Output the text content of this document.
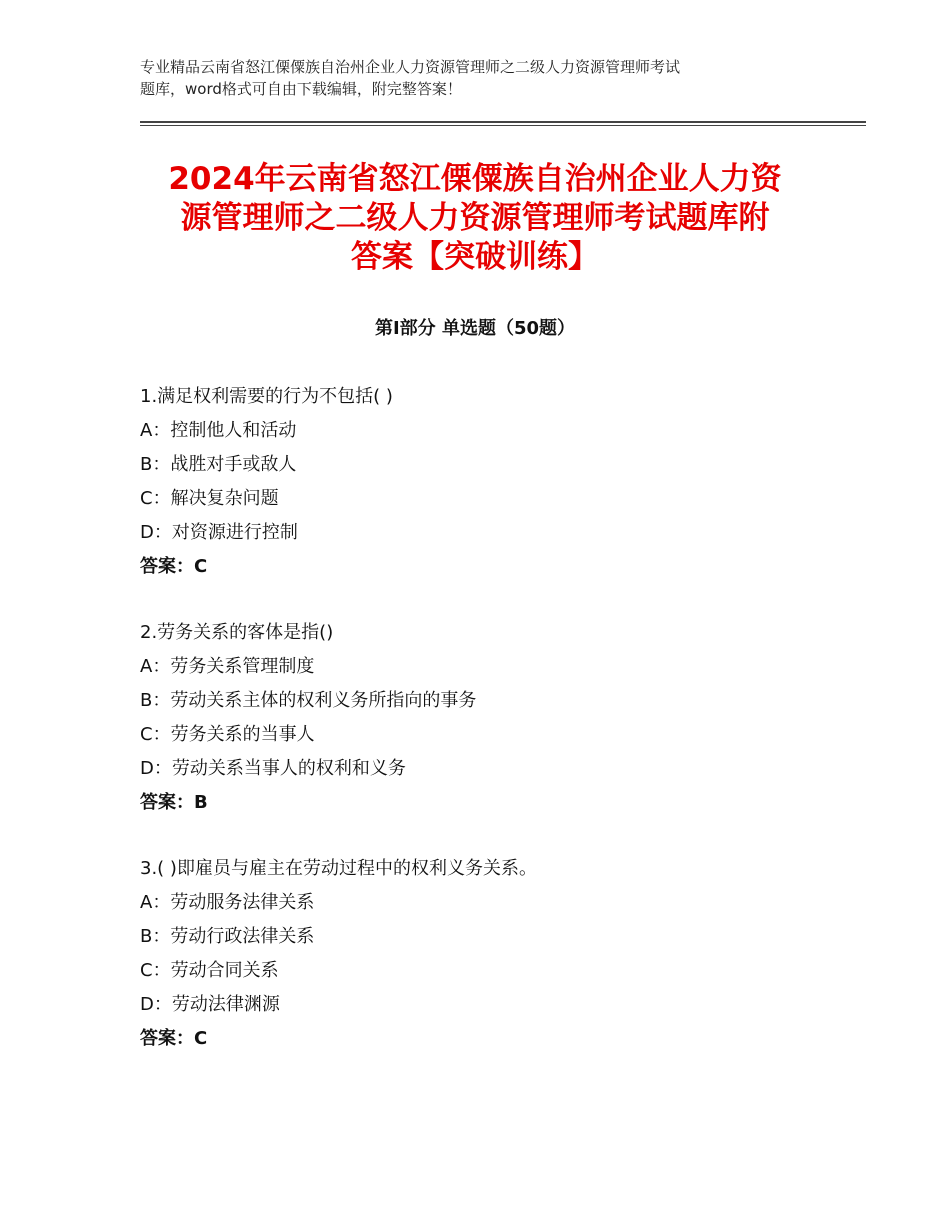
专业精品云南省怒江傈僳族自治州企业人力资源管理师之二级人力资源管理师考试
题库，word格式可自由下载编辑，附完整答案！
2024年云南省怒江傈僳族自治州企业人力资
源管理师之二级人力资源管理师考试题库附
答案【突破训练】
第Ⅰ部分 单选题（50题）
1.满足权利需要的行为不包括( )
A：控制他人和活动
B：战胜对手或敌人
C：解决复杂问题
D：对资源进行控制
答案：C
2.劳务关系的客体是指()
A：劳务关系管理制度
B：劳动关系主体的权利义务所指向的事务
C：劳务关系的当事人
D：劳动关系当事人的权利和义务
答案：B
3.( )即雇员与雇主在劳动过程中的权利义务关系。
A：劳动服务法律关系
B：劳动行政法律关系
C：劳动合同关系
D：劳动法律渊源
答案：C
